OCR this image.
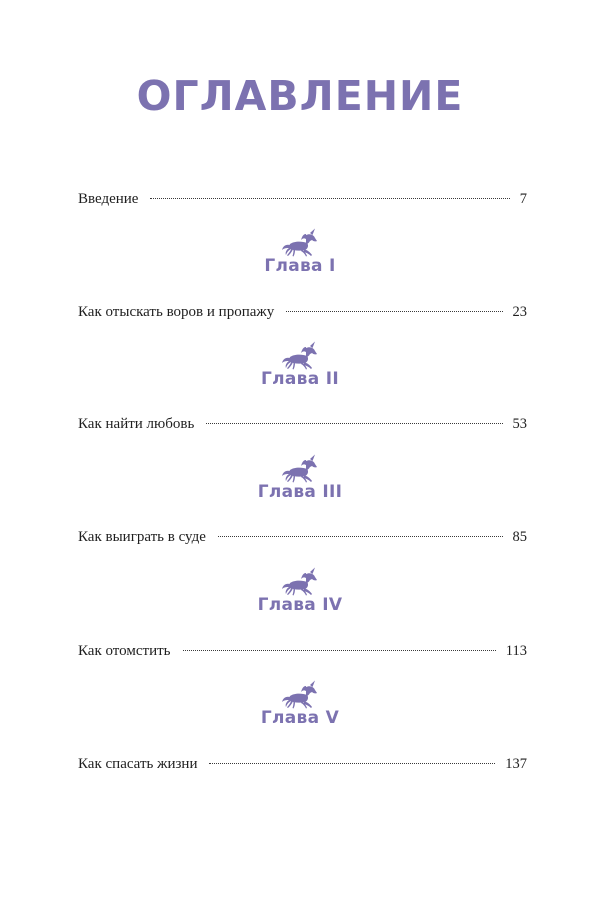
ОГЛАВЛЕНИЕ
Введение	7
Глава I
Как отыскать воров и пропажу	23
Глава II
Как найти любовь	53
Глава III
Как выиграть в суде	85
Глава IV
Как отомстить	113
Глава V
Как спасать жизни	137
